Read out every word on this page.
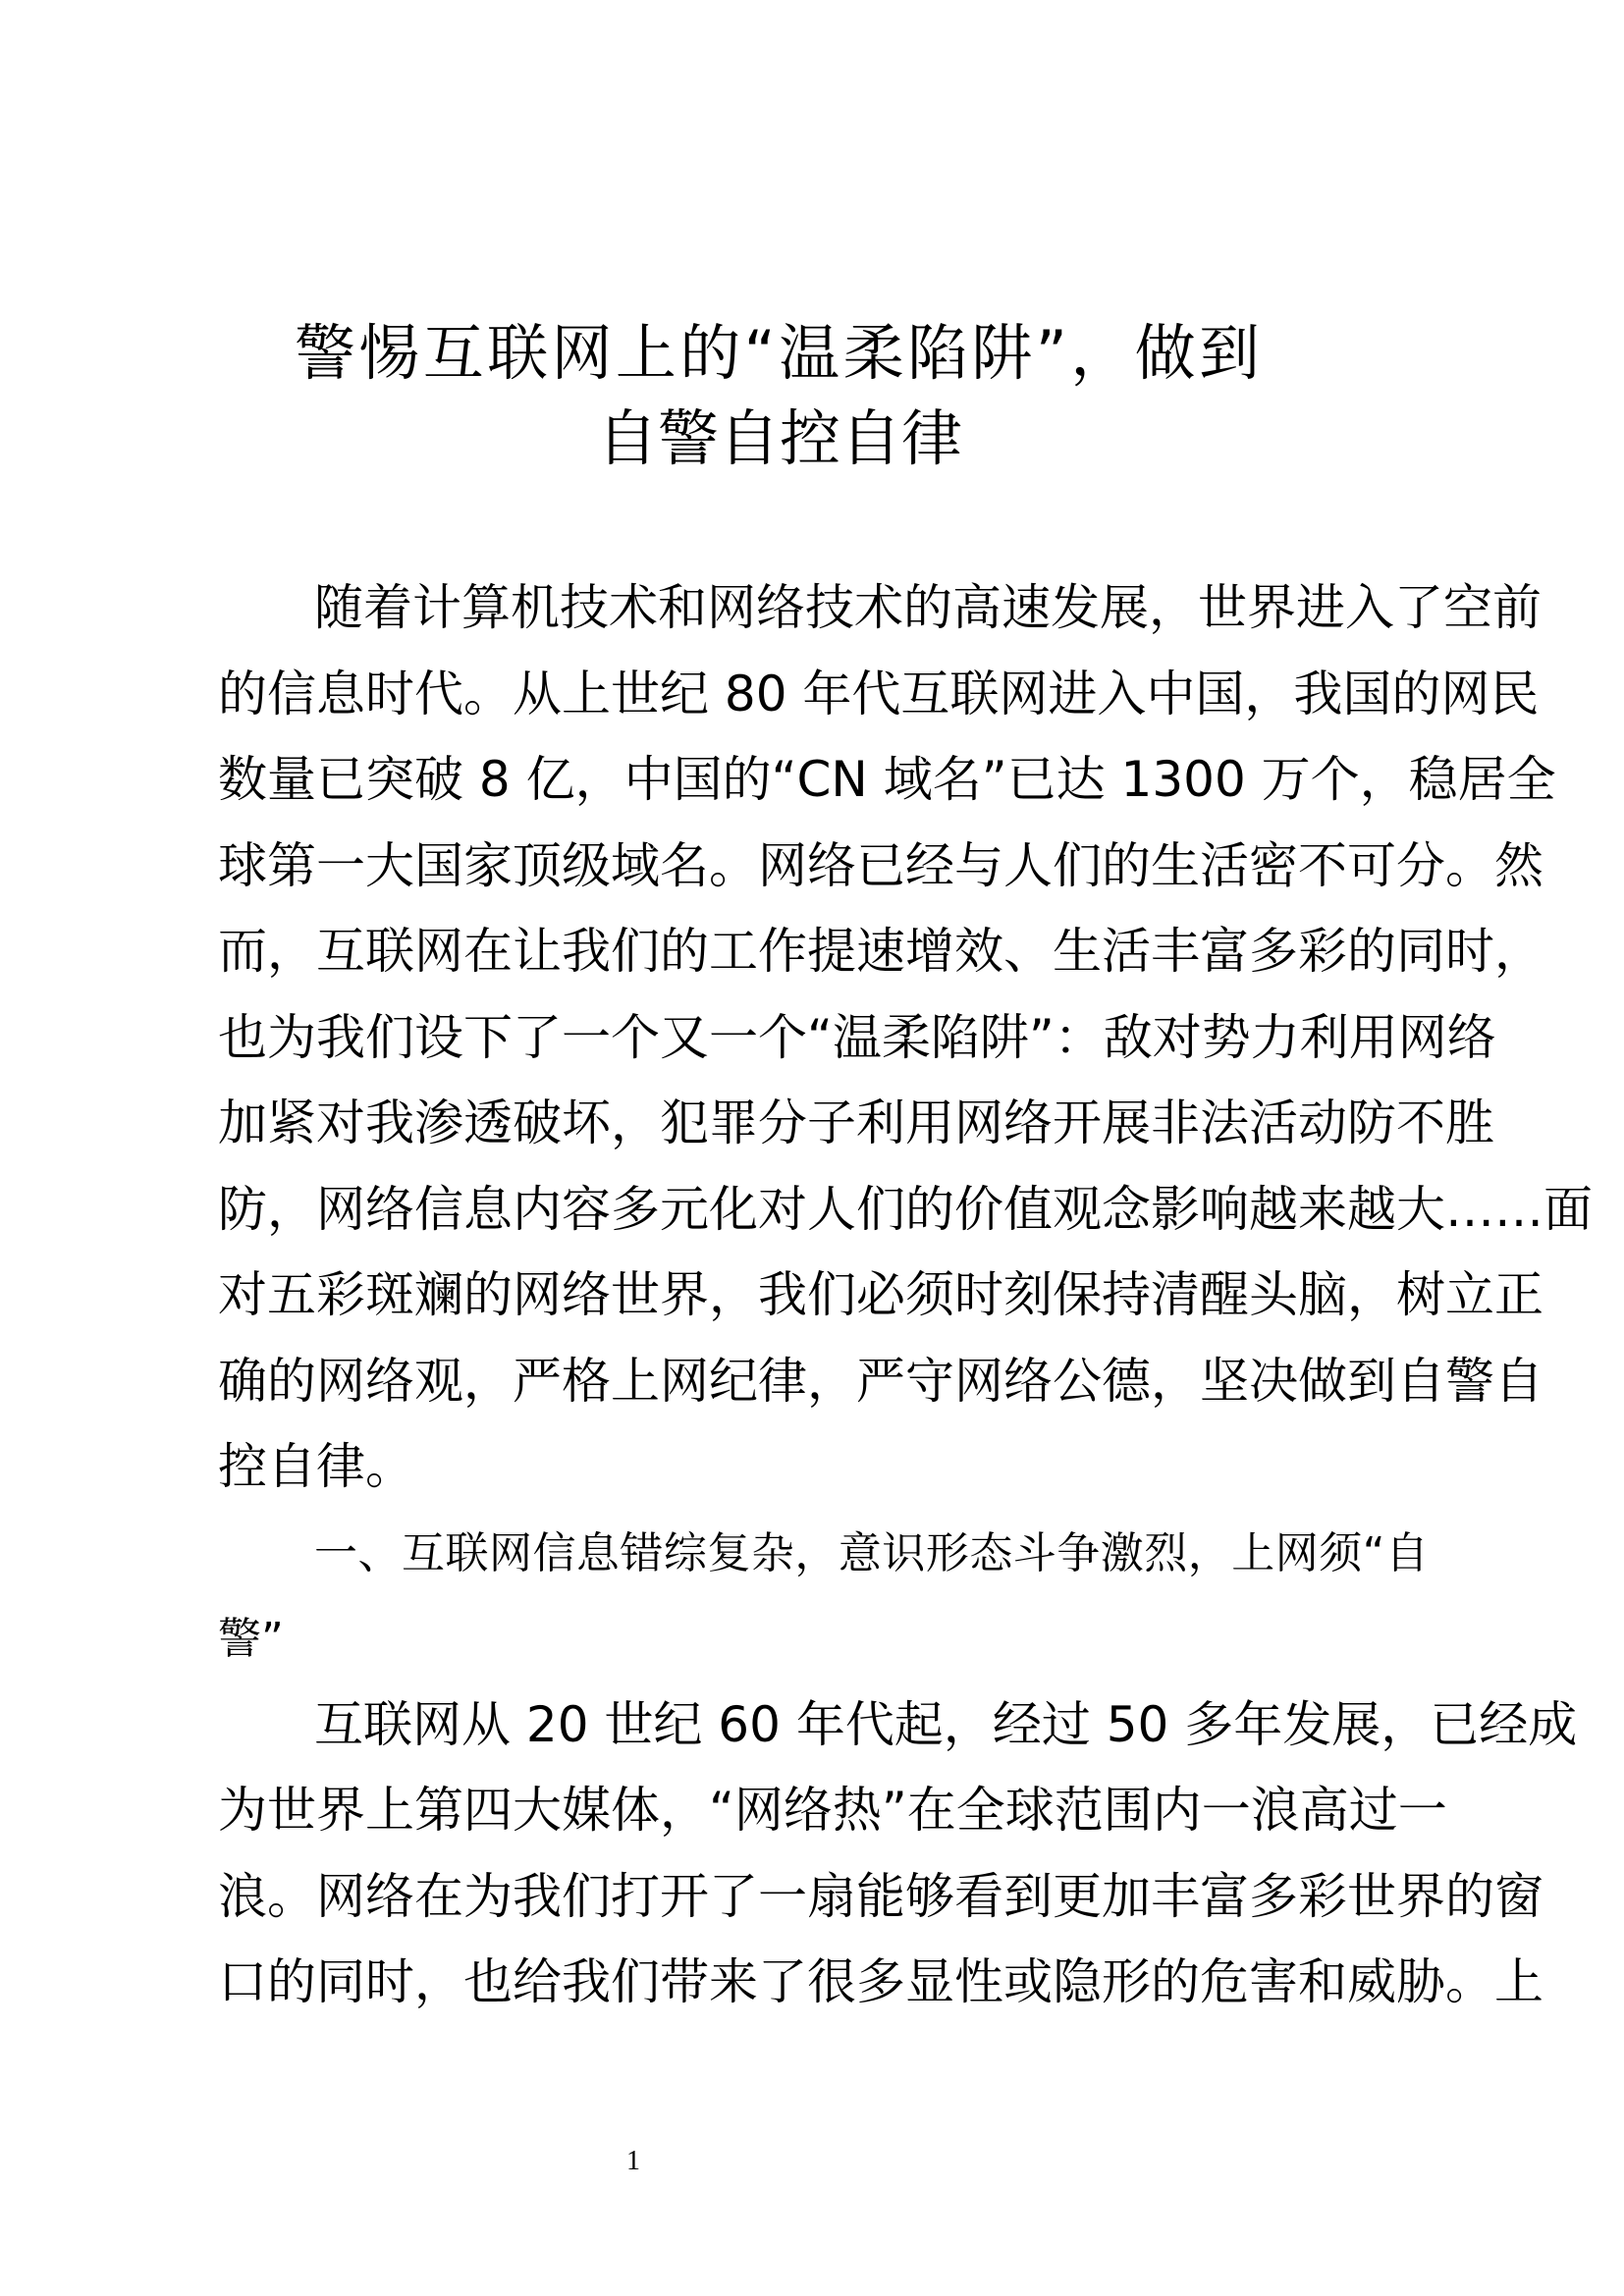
警惕互联网上的“温柔陷阱”，做到
自警自控自律
随着计算机技术和网络技术的高速发展，世界进入了空前
的信息时代。从上世纪 80 年代互联网进入中国，我国的网民
数量已突破 8 亿，中国的“CN 域名”已达 1300 万个，稳居全
球第一大国家顶级域名。网络已经与人们的生活密不可分。然
而，互联网在让我们的工作提速增效、生活丰富多彩的同时，
也为我们设下了一个又一个“温柔陷阱”：敌对势力利用网络
加紧对我渗透破坏，犯罪分子利用网络开展非法活动防不胜
防，网络信息内容多元化对人们的价值观念影响越来越大……面
对五彩斑斓的网络世界，我们必须时刻保持清醒头脑，树立正
确的网络观，严格上网纪律，严守网络公德，坚决做到自警自
控自律。
一、互联网信息错综复杂，意识形态斗争激烈，上网须“自
警”
互联网从 20 世纪 60 年代起，经过 50 多年发展，已经成
为世界上第四大媒体，“网络热”在全球范围内一浪高过一
浪。网络在为我们打开了一扇能够看到更加丰富多彩世界的窗
口的同时，也给我们带来了很多显性或隐形的危害和威胁。上
1
